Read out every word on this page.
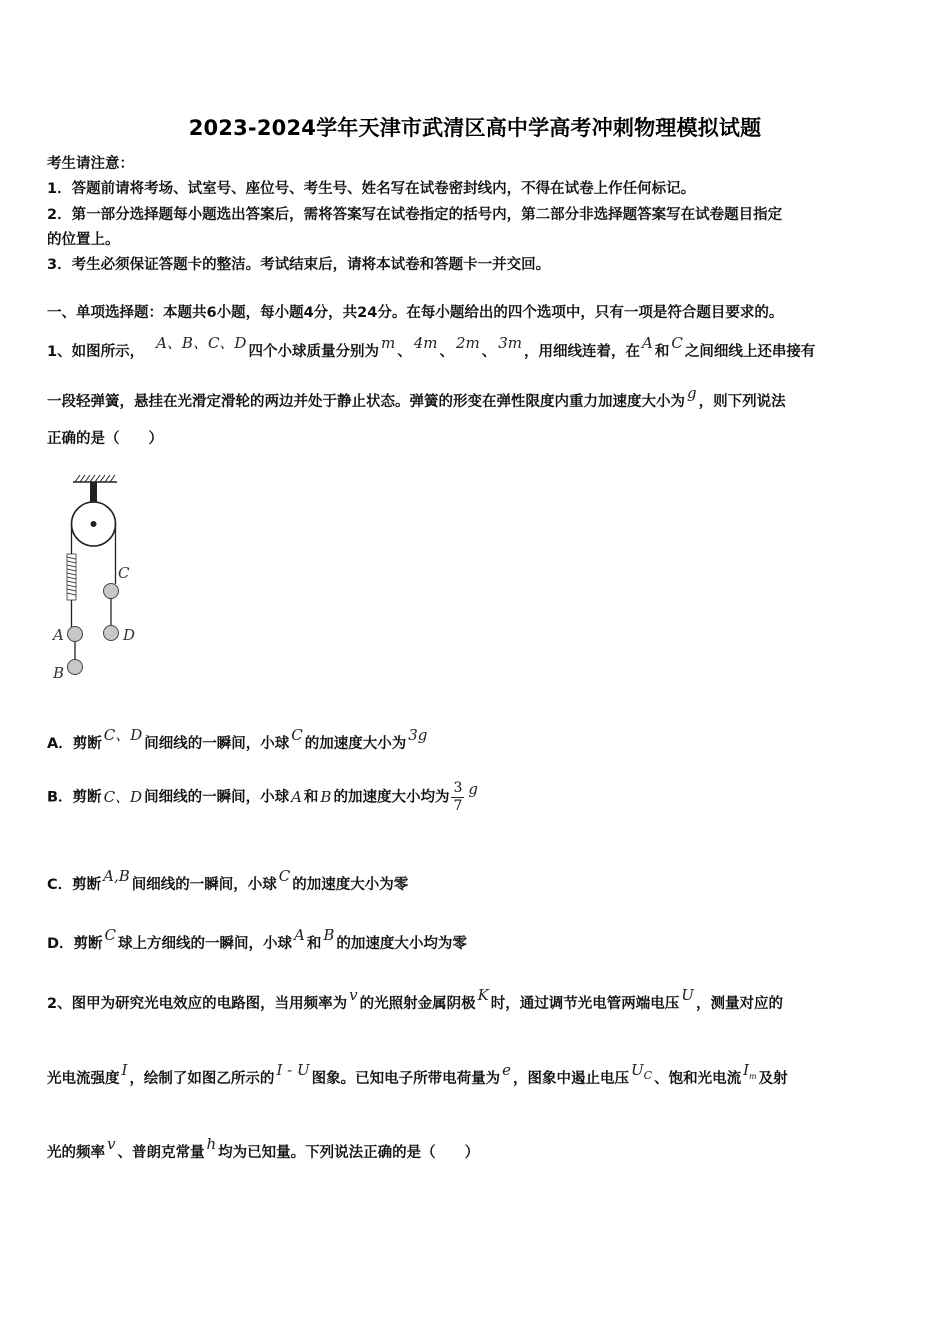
2023-2024学年天津市武清区高中学高考冲刺物理模拟试题
考生请注意：
1．答题前请将考场、试室号、座位号、考生号、姓名写在试卷密封线内，不得在试卷上作任何标记。
2．第一部分选择题每小题选出答案后，需将答案写在试卷指定的括号内，第二部分非选择题答案写在试卷题目指定
的位置上。
3．考生必须保证答题卡的整洁。考试结束后，请将本试卷和答题卡一并交回。
一、单项选择题：本题共6小题，每小题4分，共24分。在每小题给出的四个选项中，只有一项是符合题目要求的。
1、如图所示， A、B、C、D 四个小球质量分别为 m 、 4m 、 2m 、 3m ，用细线连着，在 A 和 C 之间细线上还串接有
一段轻弹簧，悬挂在光滑定滑轮的两边并处于静止状态。弹簧的形变在弹性限度内重力加速度大小为 g ，则下列说法
正确的是（　　）
A
B
C
D
A．剪断 C、D 间细线的一瞬间，小球 C 的加速度大小为 3g
B．剪断 C、D 间细线的一瞬间，小球 A 和 B 的加速度大小均为 $\frac{3}{7}$ g
C．剪断 A,B 间细线的一瞬间，小球 C 的加速度大小为零
D．剪断 C 球上方细线的一瞬间，小球 A 和 B 的加速度大小均为零
2、图甲为研究光电效应的电路图，当用频率为 v 的光照射金属阴极 K 时，通过调节光电管两端电压 U ，测量对应的
光电流强度 I ，绘制了如图乙所示的 I - U 图象。已知电子所带电荷量为 e ，图象中遏止电压 UC 、饱和光电流 Im 及射
光的频率 v 、普朗克常量 h 均为已知量。下列说法正确的是（　　）
